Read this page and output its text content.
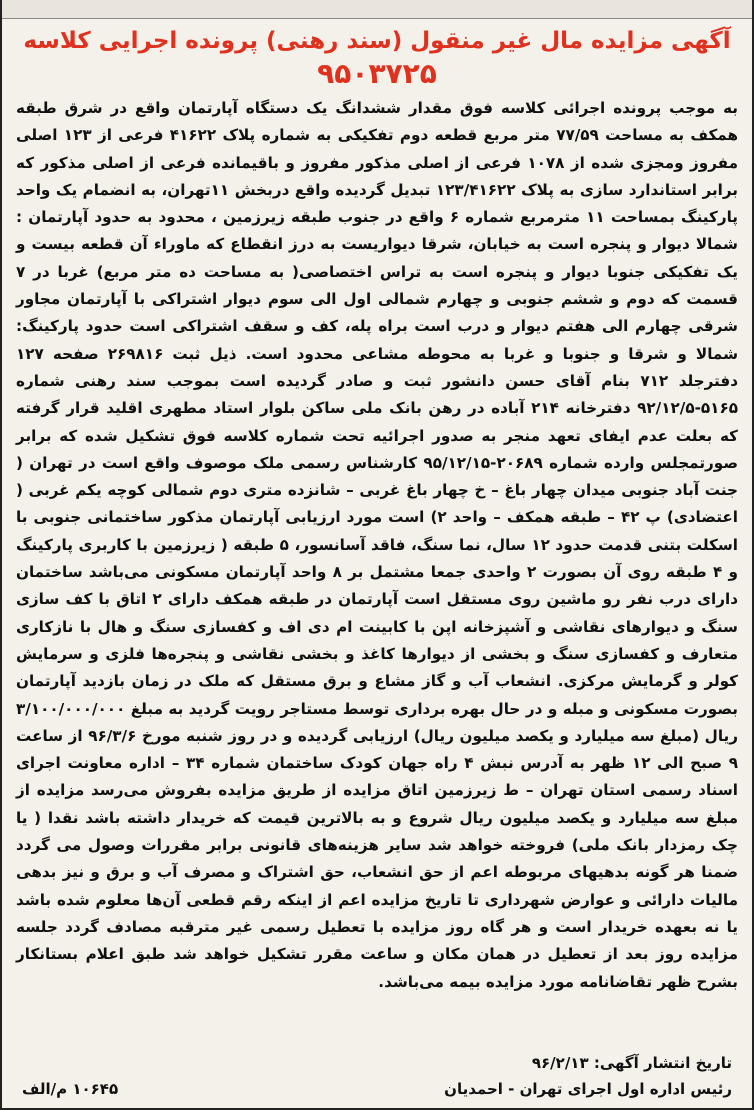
آگهی مزایده مال غیر منقول (سند رهنی) پرونده اجرایی کلاسه
۹۵۰۳۷۲۵
به موجب پرونده اجرائی کلاسه فوق مقدار ششدانگ یک دستگاه آپارتمان واقع در شرق طبقه همکف به مساحت ۷۷/۵۹ متر مربع قطعه دوم تفکیکی به شماره پلاک ۴۱۶۲۲ فرعی از ۱۲۳ اصلی مفروز ومجزی شده از ۱۰۷۸ فرعی از اصلی مذکور مفروز و باقیمانده فرعی از اصلی مذکور که برابر استاندارد سازی به پلاک ۱۲۳/۴۱۶۲۲ تبدیل گردیده واقع دربخش ۱۱تهران، به انضمام یک واحد پارکینگ بمساحت ۱۱ مترمربع شماره ۶ واقع در جنوب طبقه زیرزمین ، محدود به حدود آپارتمان : شمالا دیوار و پنجره است به خیابان، شرقا دیواریست به درز انقطاع که ماوراء آن قطعه بیست و یک تفکیکی جنوبا دیوار و پنجره است به تراس اختصاصی( به مساحت ده متر مربع) غربا در ۷ قسمت که دوم و ششم جنوبی و چهارم شمالی اول الی سوم دیوار اشتراکی با آپارتمان مجاور شرقی چهارم الی هفتم دیوار و درب است براه پله، کف و سقف اشتراکی است حدود پارکینگ: شمالا و شرقا و جنوبا و غربا به محوطه مشاعی محدود است. ذیل ثبت ۲۶۹۸۱۶ صفحه ۱۲۷ دفترجلد ۷۱۲ بنام آقای حسن دانشور ثبت و صادر گردیده است بموجب سند رهنی شماره ۵۱۶۵-۹۲/۱۲/۵ دفترخانه ۲۱۴ آباده در رهن بانک ملی ساکن بلوار استاد مطهری اقلید قرار گرفته که بعلت عدم ایفای تعهد منجر به صدور اجرائیه تحت شماره کلاسه فوق تشکیل شده که برابر صورتمجلس وارده شماره ۲۰۶۸۹-۹۵/۱۲/۱۵ کارشناس رسمی ملک موصوف واقع است در تهران ( جنت آباد جنوبی میدان چهار باغ – خ چهار باغ غربی – شانزده متری دوم شمالی کوچه یکم غربی ( اعتضادی) پ ۴۲ – طبقه همکف – واحد ۲) است مورد ارزیابی آپارتمان مذکور ساختمانی جنوبی با اسکلت بتنی قدمت حدود ۱۲ سال، نما سنگ، فاقد آسانسور، ۵ طبقه ( زیرزمین با کاربری پارکینگ و ۴ طبقه روی آن بصورت ۲ واحدی جمعا مشتمل بر ۸ واحد آپارتمان مسکونی می‌باشد ساختمان دارای درب نفر رو ماشین روی مستقل است آپارتمان در طبقه همکف دارای ۲ اتاق با کف سازی سنگ و دیوارهای نقاشی و آشپزخانه اپن با کابینت ام دی اف و کفسازی سنگ و هال با نازکاری متعارف و کفسازی سنگ و بخشی از دیوارها کاغذ و بخشی نقاشی و پنجره‌ها فلزی و سرمایش کولر و گرمایش مرکزی. انشعاب آب و گاز مشاع و برق مستقل که ملک در زمان بازدید آپارتمان بصورت مسکونی و مبله و در حال بهره برداری توسط مستاجر رویت گردید به مبلغ ۳/۱۰۰/۰۰۰/۰۰۰ ریال (مبلغ سه میلیارد و یکصد میلیون ریال) ارزیابی گردیده و در روز شنبه مورخ ۹۶/۳/۶ از ساعت ۹ صبح الی ۱۲ ظهر به آدرس نبش ۴ راه جهان کودک ساختمان شماره ۳۴ – اداره معاونت اجرای اسناد رسمی استان تهران – ط زیرزمین اتاق مزایده از طریق مزایده بفروش می‌رسد مزایده از مبلغ سه میلیارد و یکصد میلیون ریال شروع و به بالاترین قیمت که خریدار داشته باشد نقدا ( یا چک رمزدار بانک ملی) فروخته خواهد شد سایر هزینه‌های قانونی برابر مقررات وصول می گردد ضمنا هر گونه بدهیهای مربوطه اعم از حق انشعاب، حق اشتراک و مصرف آب و برق و نیز بدهی مالیات دارائی و عوارض شهرداری تا تاریخ مزایده اعم از اینکه رقم قطعی آن‌ها معلوم شده باشد یا نه بعهده خریدار است و هر گاه روز مزایده با تعطیل رسمی غیر مترقبه مصادف گردد جلسه مزایده روز بعد از تعطیل در همان مکان و ساعت مقرر تشکیل خواهد شد طبق اعلام بستانکار بشرح ظهر تقاضانامه مورد مزایده بیمه می‌باشد.
تاریخ انتشار آگهی: ۹۶/۲/۱۳
رئیس اداره اول اجرای تهران - احمدیان
۱۰۶۴۵ م/الف
